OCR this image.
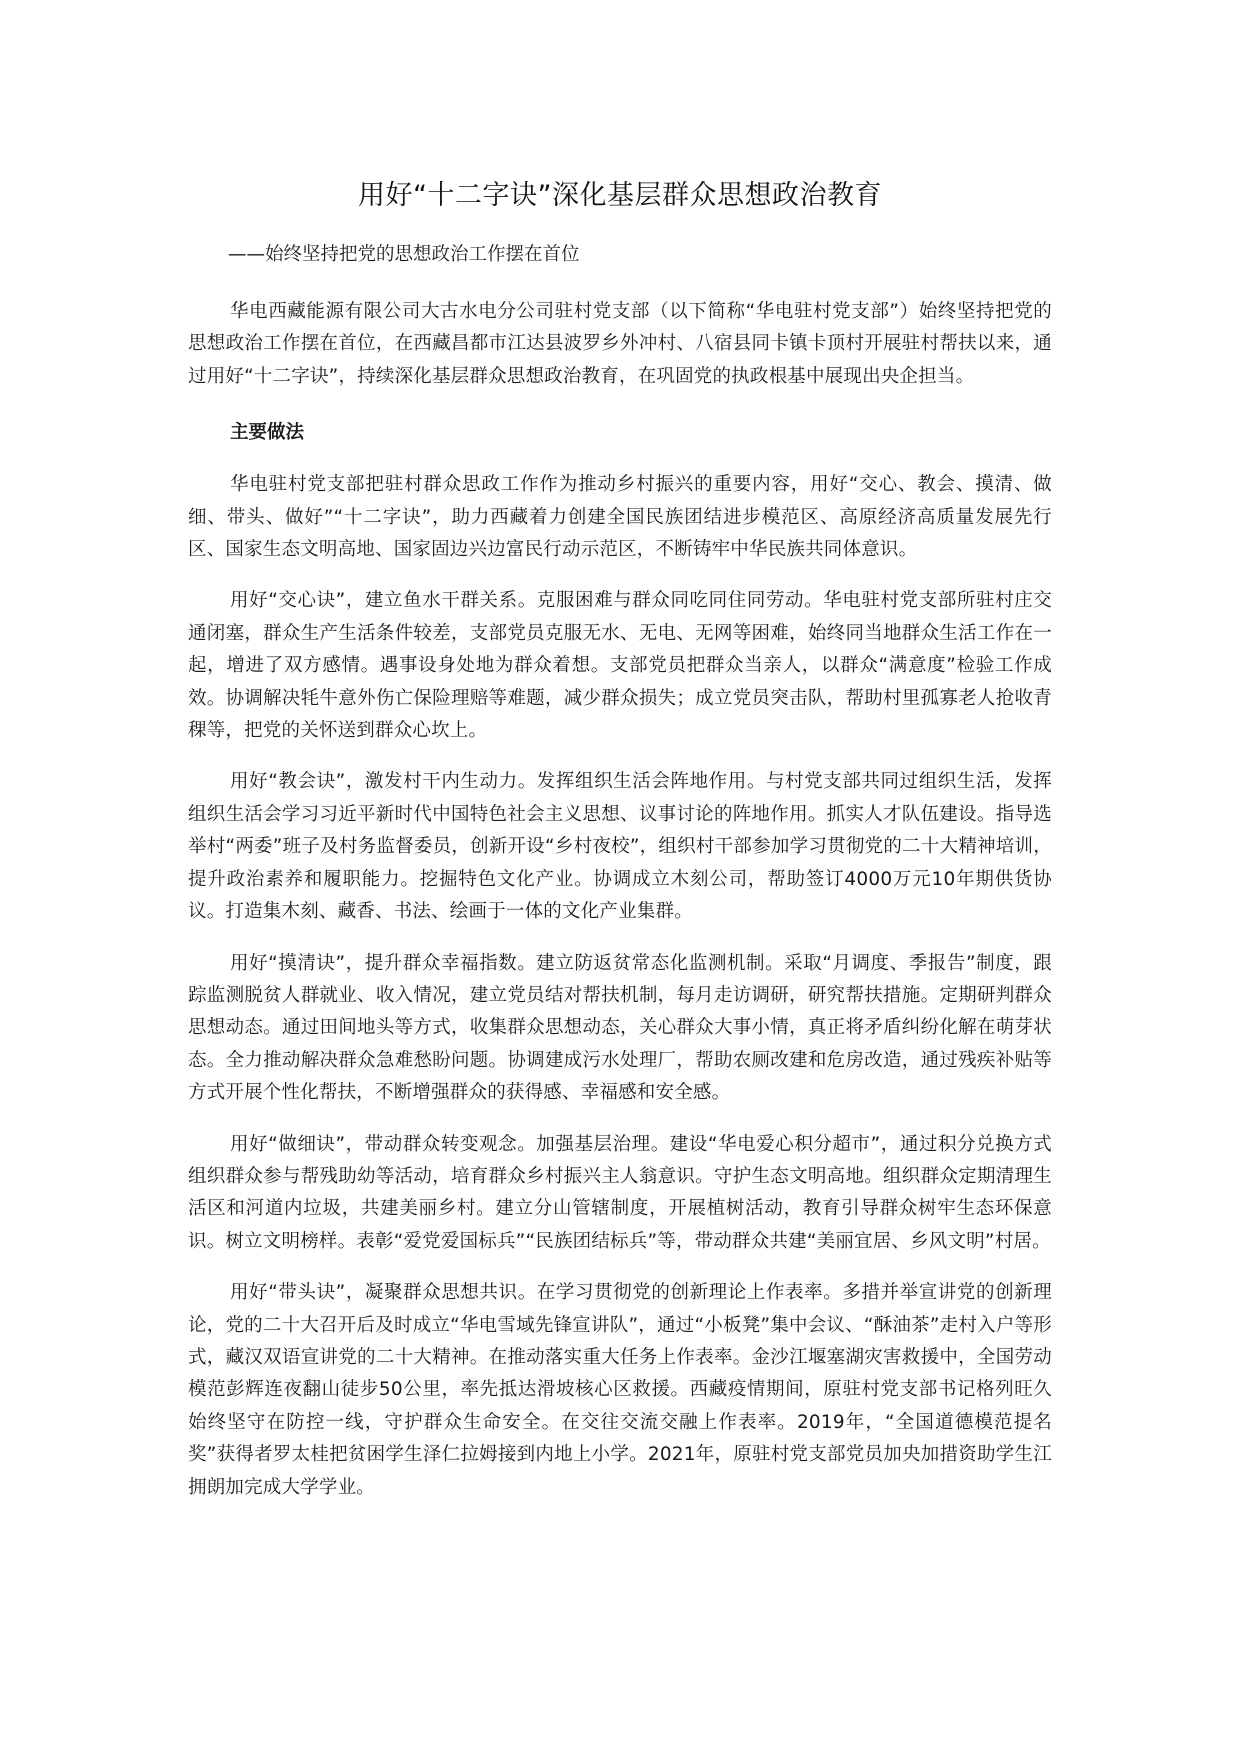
用好“十二字诀”深化基层群众思想政治教育

——始终坚持把党的思想政治工作摆在首位

华电西藏能源有限公司大古水电分公司驻村党支部（以下简称“华电驻村党支部”）始终坚持把党的思想政治工作摆在首位，在西藏昌都市江达县波罗乡外冲村、八宿县同卡镇卡顶村开展驻村帮扶以来，通过用好“十二字诀”，持续深化基层群众思想政治教育，在巩固党的执政根基中展现出央企担当。

主要做法

华电驻村党支部把驻村群众思政工作作为推动乡村振兴的重要内容，用好“交心、教会、摸清、做细、带头、做好”“十二字诀”，助力西藏着力创建全国民族团结进步模范区、高原经济高质量发展先行区、国家生态文明高地、国家固边兴边富民行动示范区，不断铸牢中华民族共同体意识。

用好“交心诀”，建立鱼水干群关系。克服困难与群众同吃同住同劳动。华电驻村党支部所驻村庄交通闭塞，群众生产生活条件较差，支部党员克服无水、无电、无网等困难，始终同当地群众生活工作在一起，增进了双方感情。遇事设身处地为群众着想。支部党员把群众当亲人，以群众“满意度”检验工作成效。协调解决牦牛意外伤亡保险理赔等难题，减少群众损失；成立党员突击队，帮助村里孤寡老人抢收青稞等，把党的关怀送到群众心坎上。

用好“教会诀”，激发村干内生动力。发挥组织生活会阵地作用。与村党支部共同过组织生活，发挥组织生活会学习习近平新时代中国特色社会主义思想、议事讨论的阵地作用。抓实人才队伍建设。指导选举村“两委”班子及村务监督委员，创新开设“乡村夜校”，组织村干部参加学习贯彻党的二十大精神培训，提升政治素养和履职能力。挖掘特色文化产业。协调成立木刻公司，帮助签订4000万元10年期供货协议。打造集木刻、藏香、书法、绘画于一体的文化产业集群。

用好“摸清诀”，提升群众幸福指数。建立防返贫常态化监测机制。采取“月调度、季报告”制度，跟踪监测脱贫人群就业、收入情况，建立党员结对帮扶机制，每月走访调研，研究帮扶措施。定期研判群众思想动态。通过田间地头等方式，收集群众思想动态，关心群众大事小情，真正将矛盾纠纷化解在萌芽状态。全力推动解决群众急难愁盼问题。协调建成污水处理厂，帮助农厕改建和危房改造，通过残疾补贴等方式开展个性化帮扶，不断增强群众的获得感、幸福感和安全感。

用好“做细诀”，带动群众转变观念。加强基层治理。建设“华电爱心积分超市”，通过积分兑换方式组织群众参与帮残助幼等活动，培育群众乡村振兴主人翁意识。守护生态文明高地。组织群众定期清理生活区和河道内垃圾，共建美丽乡村。建立分山管辖制度，开展植树活动，教育引导群众树牢生态环保意识。树立文明榜样。表彰“爱党爱国标兵”“民族团结标兵”等，带动群众共建“美丽宜居、乡风文明”村居。

用好“带头诀”，凝聚群众思想共识。在学习贯彻党的创新理论上作表率。多措并举宣讲党的创新理论，党的二十大召开后及时成立“华电雪域先锋宣讲队”，通过“小板凳”集中会议、“酥油茶”走村入户等形式，藏汉双语宣讲党的二十大精神。在推动落实重大任务上作表率。金沙江堰塞湖灾害救援中，全国劳动模范彭辉连夜翻山徒步50公里，率先抵达滑坡核心区救援。西藏疫情期间，原驻村党支部书记格列旺久始终坚守在防控一线，守护群众生命安全。在交往交流交融上作表率。2019年，“全国道德模范提名奖”获得者罗太桂把贫困学生泽仁拉姆接到内地上小学。2021年，原驻村党支部党员加央加措资助学生江拥朗加完成大学学业。
